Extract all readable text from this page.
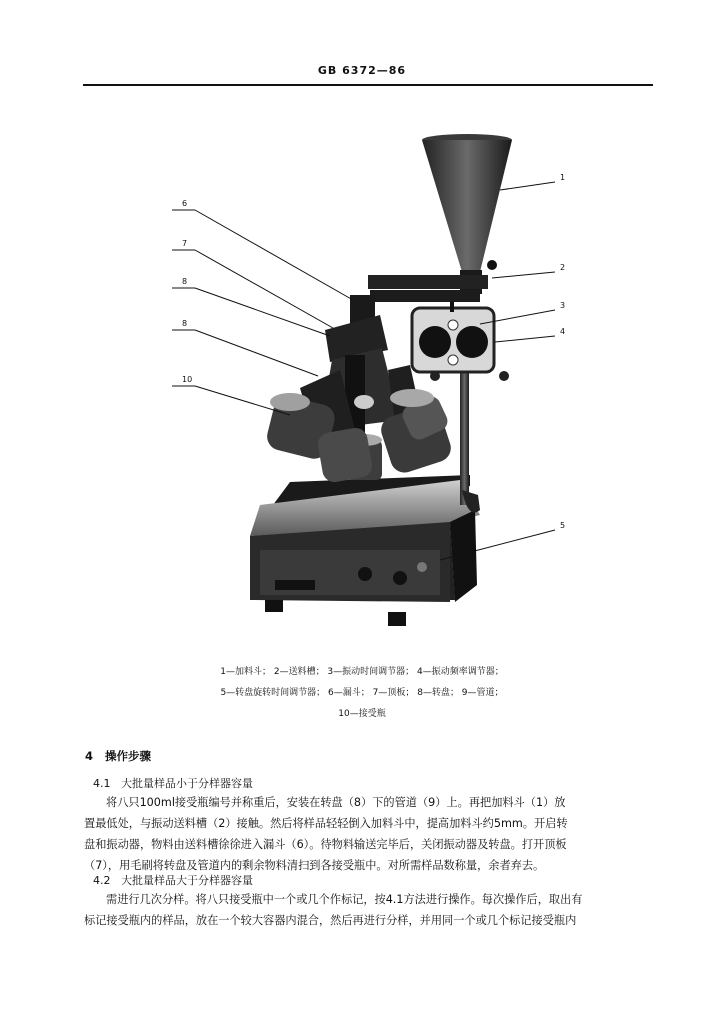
GB 6372—86
1
2
3
4
5
6
7
8
8
10
1—加料斗； 2—送料槽； 3—振动时间调节器； 4—振动频率调节器；
5—转盘旋转时间调节器； 6—漏斗； 7—顶板； 8—转盘； 9—管道；
10—接受瓶
4 操作步骤
4.1 大批量样品小于分样器容量
将八只100ml接受瓶编号并称重后，安装在转盘（8）下的管道（9）上。再把加料斗（1）放
置最低处，与振动送料槽（2）接触。然后将样品轻轻倒入加料斗中，提高加料斗约5mm。开启转
盘和振动器，物料由送料槽徐徐进入漏斗（6）。待物料输送完毕后，关闭振动器及转盘。打开顶板
（7），用毛刷将转盘及管道内的剩余物料清扫到各接受瓶中。对所需样品数称量，余者弃去。
4.2 大批量样品大于分样器容量
需进行几次分样。将八只接受瓶中一个或几个作标记，按4.1方法进行操作。每次操作后，取出有
标记接受瓶内的样品，放在一个较大容器内混合，然后再进行分样，并用同一个或几个标记接受瓶内
